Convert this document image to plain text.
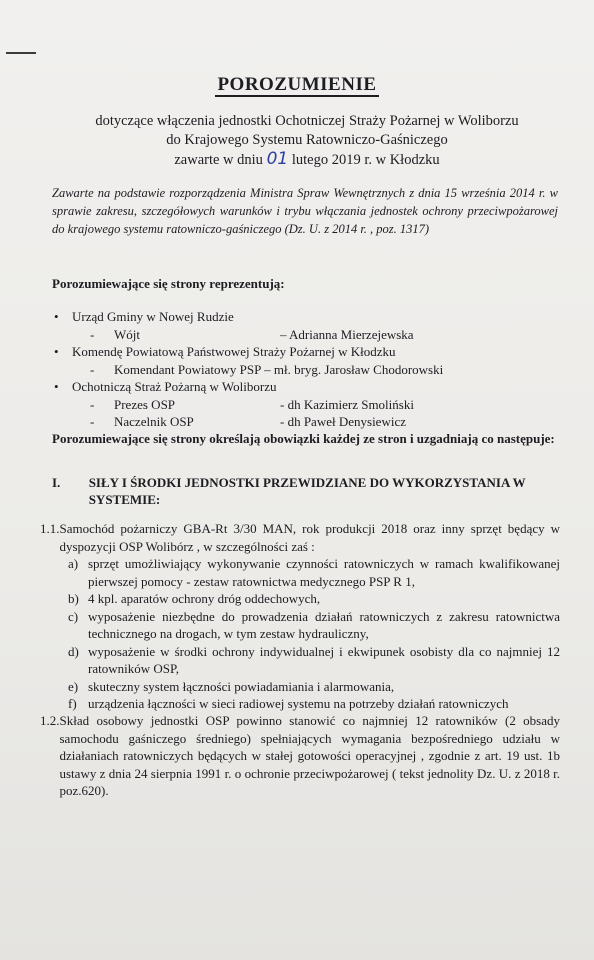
POROZUMIENIE
dotyczące włączenia jednostki Ochotniczej Straży Pożarnej w Woliborzu
do Krajowego Systemu Ratowniczo-Gaśniczego
zawarte w dniu 01 lutego 2019 r. w Kłodzku
Zawarte na podstawie rozporządzenia Ministra Spraw Wewnętrznych z dnia 15 września 2014 r. w sprawie zakresu, szczegółowych warunków i trybu włączania jednostek ochrony przeciwpożarowej do krajowego systemu ratowniczo-gaśniczego (Dz. U. z 2014 r. , poz. 1317)
Porozumiewające się strony reprezentują:
• Urząd Gminy w Nowej Rudzie
-	Wójt	– Adrianna Mierzejewska
• Komendę Powiatową Państwowej Straży Pożarnej w Kłodzku
-	Komendant Powiatowy PSP – mł. bryg. Jarosław Chodorowski
• Ochotniczą Straż Pożarną w Woliborzu
-	Prezes OSP	- dh Kazimierz Smoliński
-	Naczelnik OSP	- dh Paweł Denysiewicz
Porozumiewające się strony określają obowiązki każdej ze stron i uzgadniają co następuje:
I.	SIŁY I ŚRODKI JEDNOSTKI PRZEWIDZIANE DO WYKORZYSTANIA W SYSTEMIE:
1.1. Samochód pożarniczy GBA-Rt 3/30 MAN, rok produkcji 2018 oraz inny sprzęt będący w dyspozycji OSP Wolibórz , w szczególności zaś :
a) sprzęt umożliwiający wykonywanie czynności ratowniczych w ramach kwalifikowanej pierwszej pomocy - zestaw ratownictwa medycznego PSP R 1,
b) 4 kpl. aparatów ochrony dróg oddechowych,
c) wyposażenie niezbędne do prowadzenia działań ratowniczych z zakresu ratownictwa technicznego na drogach, w tym zestaw hydrauliczny,
d) wyposażenie w środki ochrony indywidualnej i ekwipunek osobisty dla co najmniej 12 ratowników OSP,
e) skuteczny system łączności powiadamiania i alarmowania,
f) urządzenia łączności w sieci radiowej systemu na potrzeby działań ratowniczych
1.2. Skład osobowy jednostki OSP powinno stanowić co najmniej 12 ratowników (2 obsady samochodu gaśniczego średniego) spełniających wymagania bezpośredniego udziału w działaniach ratowniczych będących w stałej gotowości operacyjnej , zgodnie z art. 19 ust. 1b ustawy z dnia 24 sierpnia 1991 r. o ochronie przeciwpożarowej ( tekst jednolity Dz. U. z 2018 r. poz.620).
